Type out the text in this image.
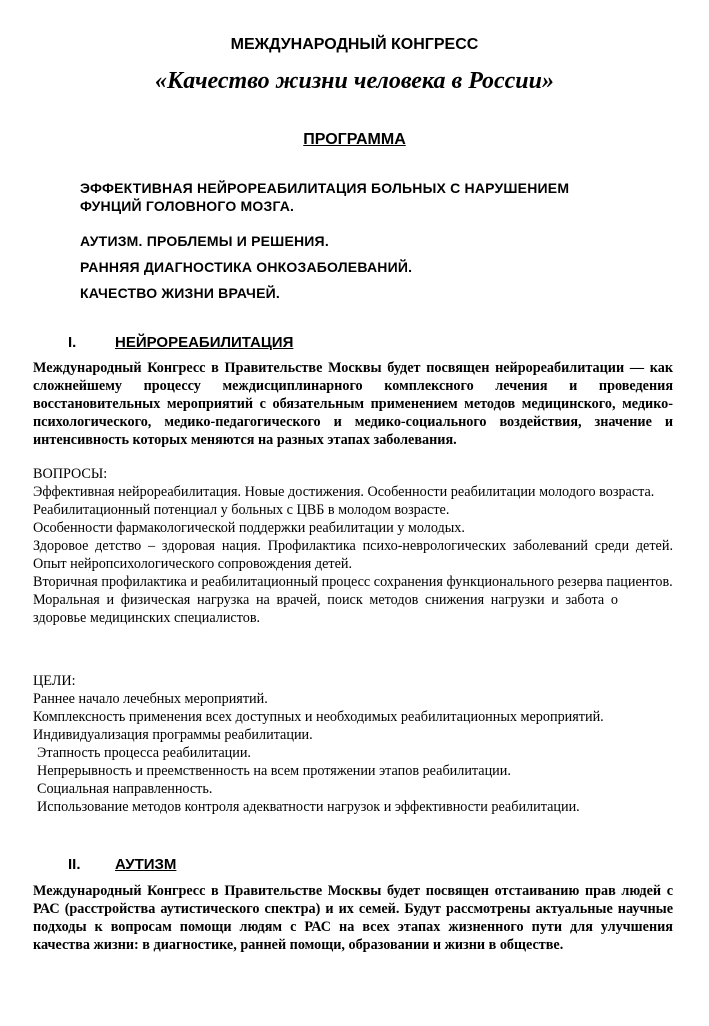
МЕЖДУНАРОДНЫЙ КОНГРЕСС
«Качество жизни человека в России»
ПРОГРАММА
ЭФФЕКТИВНАЯ НЕЙРОРЕАБИЛИТАЦИЯ БОЛЬНЫХ С НАРУШЕНИЕМ
ФУНЦИЙ ГОЛОВНОГО МОЗГА.
АУТИЗМ. ПРОБЛЕМЫ И РЕШЕНИЯ.
РАННЯЯ ДИАГНОСТИКА ОНКОЗАБОЛЕВАНИЙ.
КАЧЕСТВО ЖИЗНИ ВРАЧЕЙ.
I.	НЕЙРОРЕАБИЛИТАЦИЯ
Международный Конгресс в Правительстве Москвы будет посвящен нейрореабилитации — как сложнейшему процессу междисциплинарного комплексного лечения и проведения восстановительных мероприятий с обязательным применением методов медицинского, медико-психологического, медико-педагогического и медико-социального воздействия, значение и интенсивность которых меняются на разных этапах заболевания.
ВОПРОСЫ:
Эффективная нейрореабилитация. Новые достижения. Особенности реабилитации молодого возраста.
Реабилитационный потенциал у больных с ЦВБ в молодом возрасте.
Особенности фармакологической поддержки реабилитации у молодых.
Здоровое детство – здоровая нация. Профилактика психо-неврологических заболеваний среди детей. Опыт нейропсихологического сопровождения детей.
Вторичная профилактика и реабилитационный процесс сохранения функционального резерва пациентов.
Моральная и физическая нагрузка на врачей, поиск методов снижения нагрузки и забота о здоровье медицинских специалистов.
ЦЕЛИ:
Раннее начало лечебных мероприятий.
Комплексность применения всех доступных и необходимых реабилитационных мероприятий.
Индивидуализация программы реабилитации.
Этапность процесса реабилитации.
Непрерывность и преемственность на всем протяжении этапов реабилитации.
Социальная направленность.
Использование методов контроля адекватности нагрузок и эффективности реабилитации.
II. АУТИЗМ
Международный Конгресс в Правительстве Москвы будет посвящен отстаиванию прав людей с РАС (расстройства аутистического спектра) и их семей. Будут рассмотрены актуальные научные подходы к вопросам помощи людям с РАС на всех этапах жизненного пути для улучшения качества жизни: в диагностике, ранней помощи, образовании и жизни в обществе.
